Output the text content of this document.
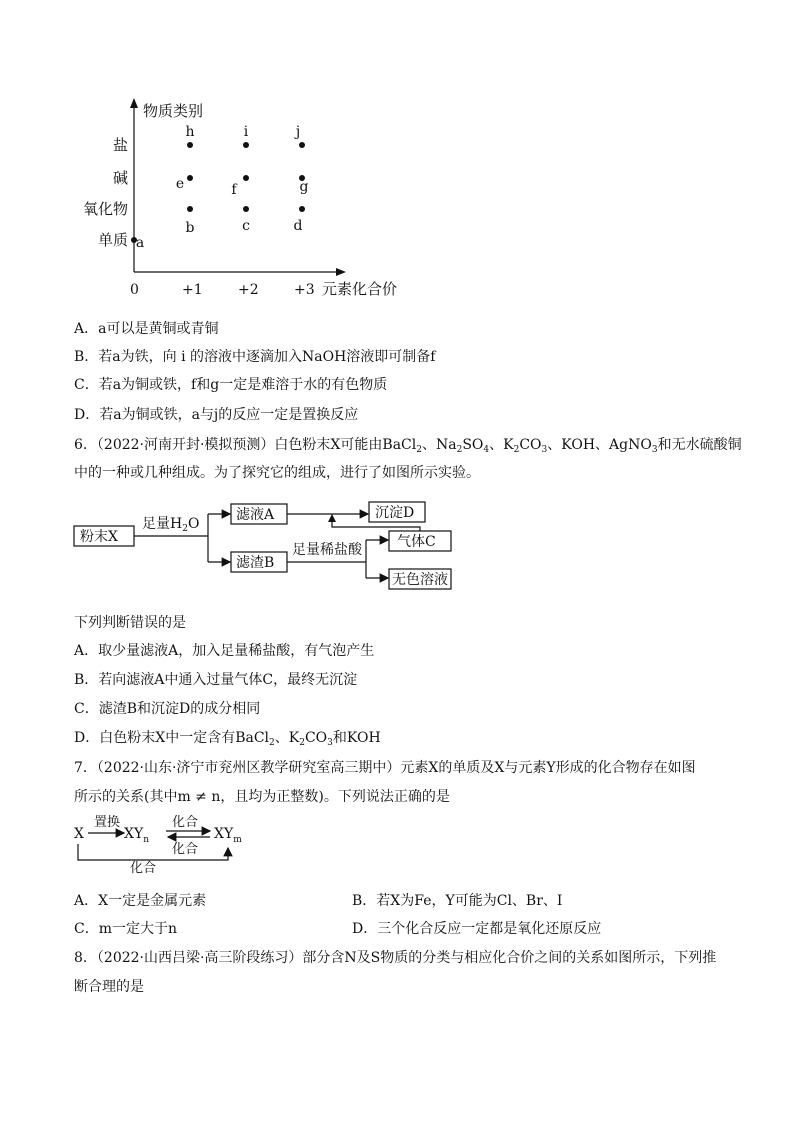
物质类别
元素化合价
单质
氧化物
碱
盐
0	+1	+2	+3
a
b	c	d
e	f	g
h	i	j
A．a可以是黄铜或青铜
B．若a为铁，向 i 的溶液中逐滴加入NaOH溶液即可制备f
C．若a为铜或铁，f和g一定是难溶于水的有色物质
D．若a为铜或铁，a与j的反应一定是置换反应
6．（2022·河南开封·模拟预测）白色粉末X可能由BaCl$_2$、$Na_2SO_4$、$K_2CO_3$、KOH、AgNO$_3$和无水硫酸铜
中的一种或几种组成。为了探究它的组成，进行了如图所示实验。
粉末X
足量$H_2O$
滤液A
滤渣B
沉淀D
足量稀盐酸	气体C
无色溶液
下列判断错误的是
A．取少量滤液A，加入足量稀盐酸，有气泡产生
B．若向滤液A中通入过量气体C，最终无沉淀
C．滤渣B和沉淀D的成分相同
D．白色粉末X中一定含有BaCl$_2$、$K_2CO_3$和KOH
7．（2022·山东·济宁市兖州区教学研究室高三期中）元素X的单质及X与元素Y形成的化合物存在如图
所示的关系(其中m ≠ n，且均为正整数)。下列说法正确的是
X
置换
$XY_n$
化合
化合
$XY_m$
化合
A．X一定是金属元素	B．若X为Fe，Y可能为Cl、Br、I
C．m一定大于n	D．三个化合反应一定都是氧化还原反应
8．（2022·山西吕梁·高三阶段练习）部分含N及S物质的分类与相应化合价之间的关系如图所示，下列推
断合理的是
